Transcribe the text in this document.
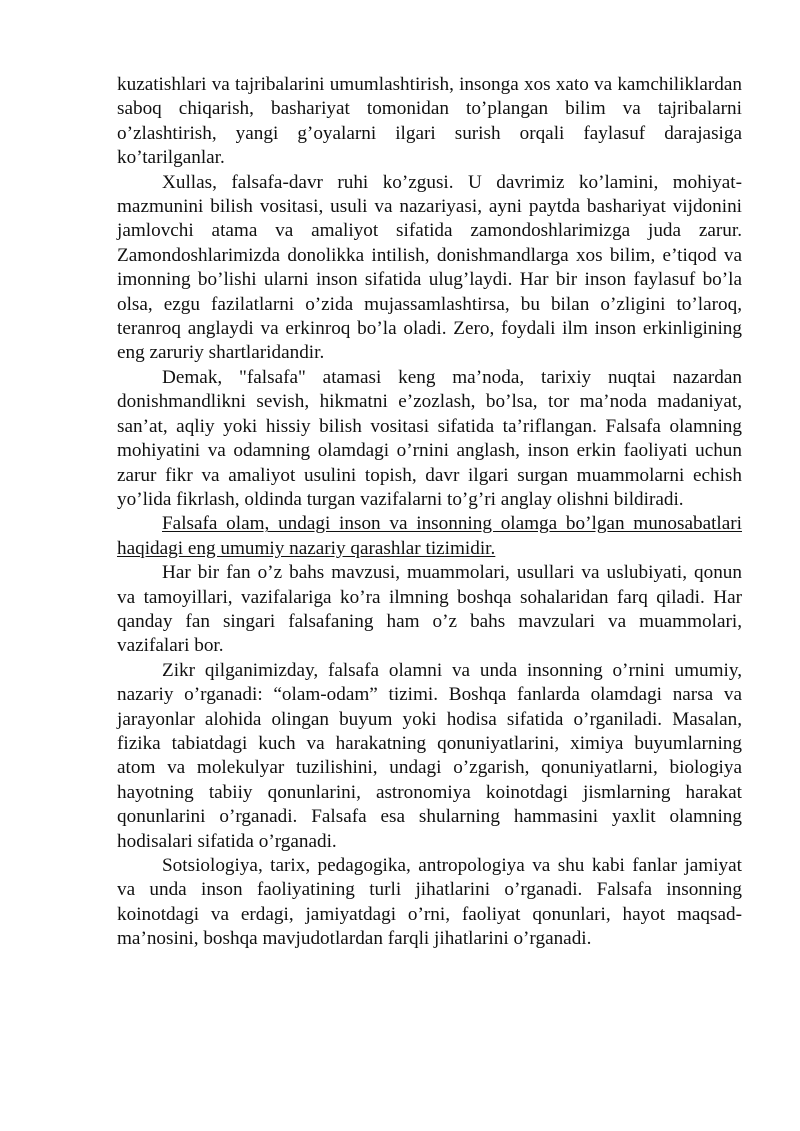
kuzatishlari va tajribalarini umumlashtirish, insonga xos xato va kamchiliklardan saboq chiqarish, bashariyat tomonidan to’plangan bilim va tajribalarni o’zlashtirish, yangi g’oyalarni ilgari surish orqali faylasuf darajasiga ko’tarilganlar.

Xullas, falsafa-davr ruhi ko’zgusi. U davrimiz ko’lamini, mohiyat-mazmunini bilish vositasi, usuli va nazariyasi, ayni paytda bashariyat vijdonini jamlovchi atama va amaliyot sifatida zamondoshlarimizga juda zarur. Zamondoshlarimizda donolikka intilish, donishmandlarga xos bilim, e’tiqod va imonning bo’lishi ularni inson sifatida ulug’laydi. Har bir inson faylasuf bo’la olsa, ezgu fazilatlarni o’zida mujassamlashtirsa, bu bilan o’zligini to’laroq, teranroq anglaydi va erkinroq bo’la oladi. Zero, foydali ilm inson erkinligining eng zaruriy shartlaridandir.

Demak, "falsafa" atamasi keng ma’noda, tarixiy nuqtai nazardan donishmandlikni sevish, hikmatni e’zozlash, bo’lsa, tor ma’noda madaniyat, san’at, aqliy yoki hissiy bilish vositasi sifatida ta’riflangan. Falsafa olamning mohiyatini va odamning olamdagi o’rnini anglash, inson erkin faoliyati uchun zarur fikr va amaliyot usulini topish, davr ilgari surgan muammolarni echish yo’lida fikrlash, oldinda turgan vazifalarni to’g’ri anglay olishni bildiradi.

Falsafa olam, undagi inson va insonning olamga bo’lgan munosabatlari haqidagi eng umumiy nazariy qarashlar tizimidir.

Har bir fan o’z bahs mavzusi, muammolari, usullari va uslubiyati, qonun va tamoyillari, vazifalariga ko’ra ilmning boshqa sohalaridan farq qiladi. Har qanday fan singari falsafaning ham o’z bahs mavzulari va muammolari, vazifalari bor.

Zikr qilganimizday, falsafa olamni va unda insonning o’rnini umumiy, nazariy o’rganadi: “olam-odam” tizimi. Boshqa fanlarda olamdagi narsa va jarayonlar alohida olingan buyum yoki hodisa sifatida o’rganiladi. Masalan, fizika tabiatdagi kuch va harakatning qonuniyatlarini, ximiya buyumlarning atom va molekulyar tuzilishini, undagi o’zgarish, qonuniyatlarni, biologiya hayotning tabiiy qonunlarini, astronomiya koinotdagi jismlarning harakat qonunlarini o’rganadi. Falsafa esa shularning hammasini yaxlit olamning hodisalari sifatida o’rganadi.

Sotsiologiya, tarix, pedagogika, antropologiya va shu kabi fanlar jamiyat va unda inson faoliyatining turli jihatlarini o’rganadi. Falsafa insonning koinotdagi va erdagi, jamiyatdagi o’rni, faoliyat qonunlari, hayot maqsad-ma’nosini, boshqa mavjudotlardan farqli jihatlarini o’rganadi.
